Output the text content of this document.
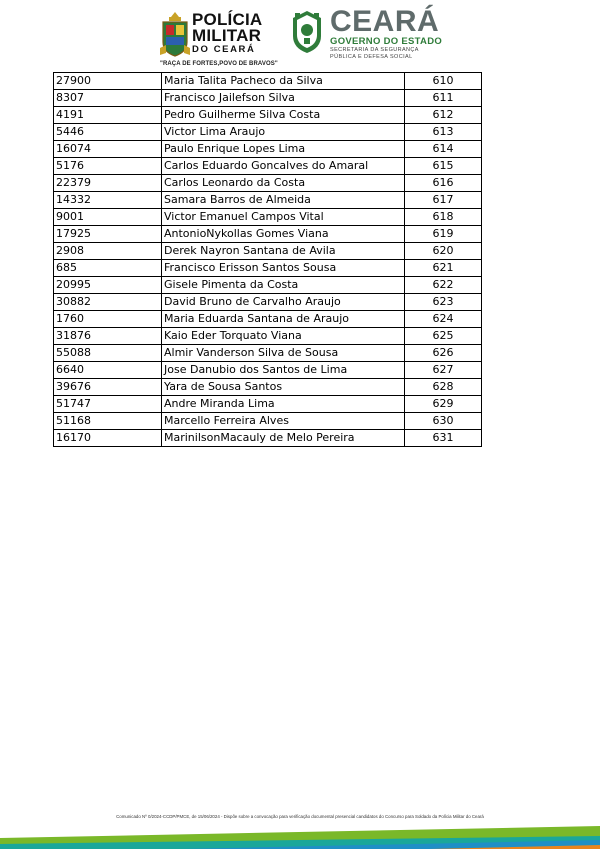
POLÍCIA
MILITAR
DO CEARÁ
"RAÇA DE FORTES,POVO DE BRAVOS"
CEARÁ
GOVERNO DO ESTADO
SECRETARIA DA SEGURANÇA
PÚBLICA E DEFESA SOCIAL
27900	Maria Talita Pacheco da Silva	610
8307	Francisco Jailefson Silva	611
4191	Pedro Guilherme Silva Costa	612
5446	Victor Lima Araujo	613
16074	Paulo Enrique Lopes Lima	614
5176	Carlos Eduardo Goncalves do Amaral	615
22379	Carlos Leonardo da Costa	616
14332	Samara Barros de Almeida	617
9001	Victor Emanuel Campos Vital	618
17925	AntonioNykollas Gomes Viana	619
2908	Derek Nayron Santana de Avila	620
685	Francisco Erisson Santos Sousa	621
20995	Gisele Pimenta da Costa	622
30882	David Bruno de Carvalho Araujo	623
1760	Maria Eduarda Santana de Araujo	624
31876	Kaio Eder Torquato Viana	625
55088	Almir Vanderson Silva de Sousa	626
6640	Jose Danubio dos Santos de Lima	627
39676	Yara de Sousa Santos	628
51747	Andre Miranda Lima	629
51168	Marcello Ferreira Alves	630
16170	MarinilsonMacauly de Melo Pereira	631
Comunicado Nº 0/2024-CCDP/PMCE, de 15/06/2024 - Dispõe sobre a convocação para verificação documental presencial candidatos do Concurso para Soldado da Polícia Militar do Ceará
